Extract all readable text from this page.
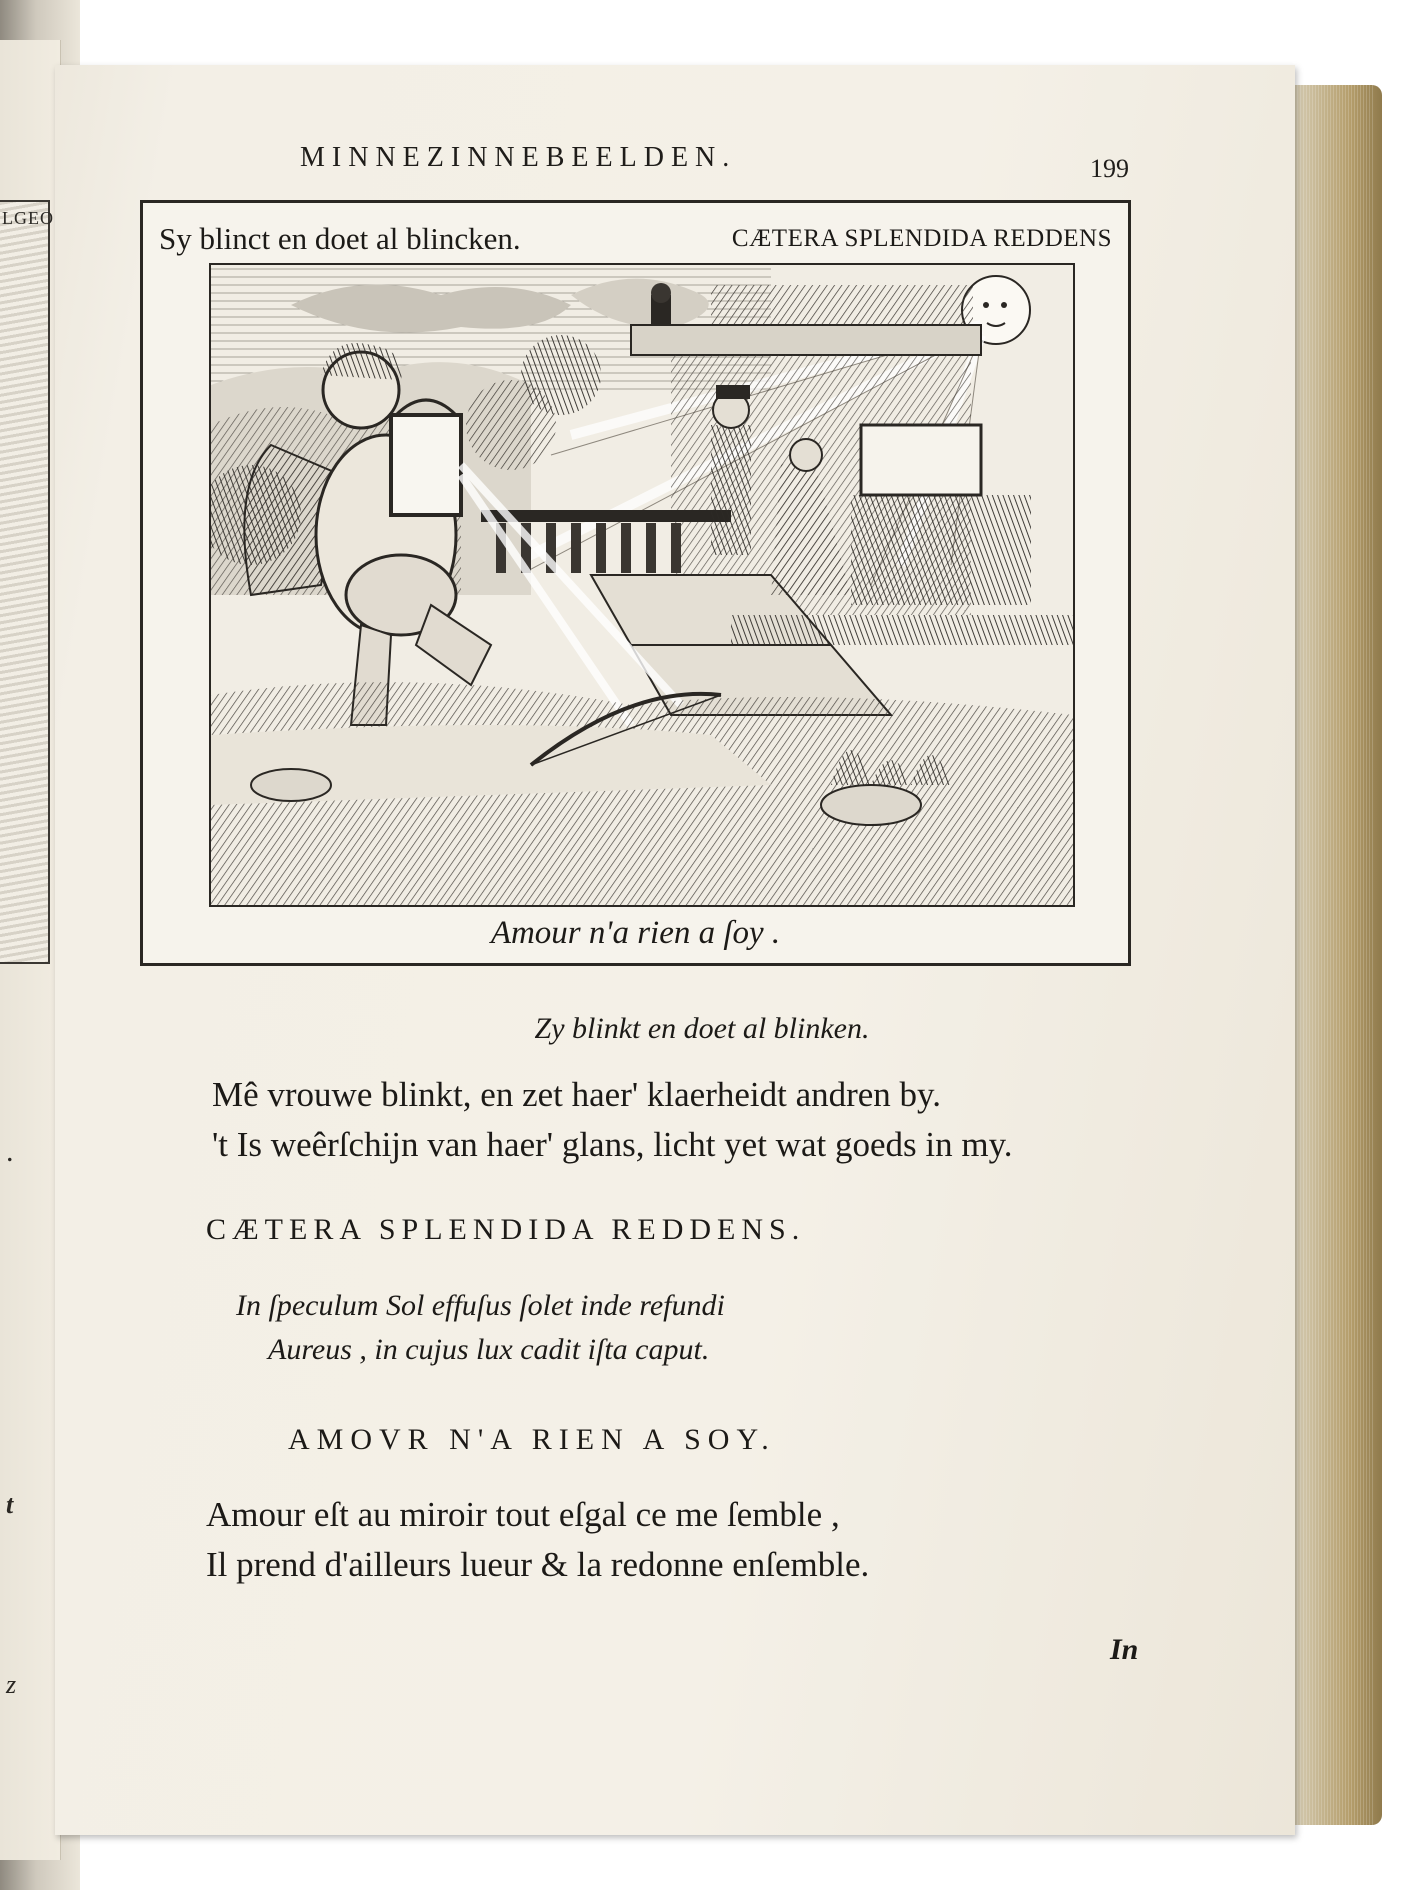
LGEO
.
t
z
MINNEZINNEBEELDEN.	199
Sy blinct en doet al blincken.	CÆTERA SPLENDIDA REDDENS
Amour n'a rien a ſoy .
Zy blinkt en doet al blinken.
Mê vrouwe blinkt, en zet haer' klaerheidt andren by.
't Is weêrſchijn van haer' glans, licht yet wat goeds in my.
CÆTERA SPLENDIDA REDDENS.
In ſpeculum Sol effuſus ſolet inde refundi
Aureus , in cujus lux cadit iſta caput.
AMOVR N'A RIEN A SOY.
Amour eſt au miroir tout eſgal ce me ſemble ,
Il prend d'ailleurs lueur & la redonne enſemble.
In
